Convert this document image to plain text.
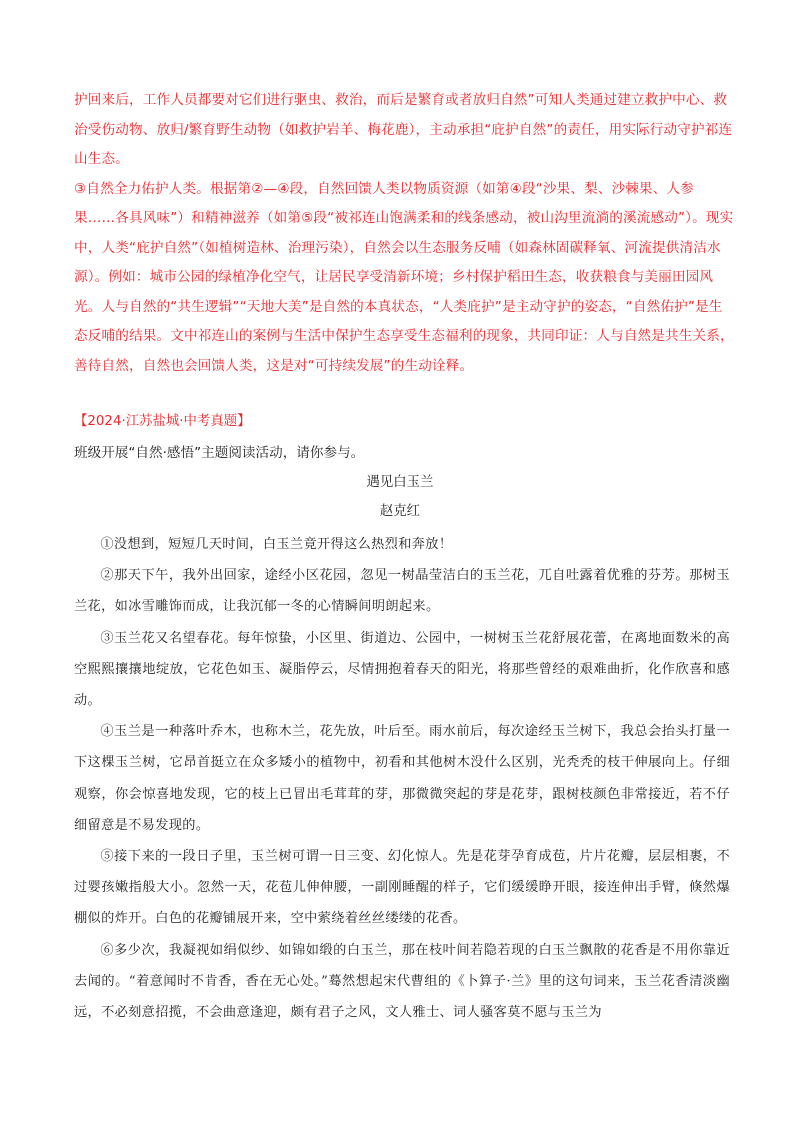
护回来后，工作人员都要对它们进行驱虫、救治，而后是繁育或者放归自然”可知人类通过建立救护中心、救治受伤动物、放归/繁育野生动物（如救护岩羊、梅花鹿），主动承担“庇护自然”的责任，用实际行动守护祁连山生态。

③自然全力佑护人类。根据第②—④段，自然回馈人类以物质资源（如第④段“沙果、梨、沙棘果、人参果……各具风味”）和精神滋养（如第⑤段“被祁连山饱满柔和的线条感动，被山沟里流淌的溪流感动”）。现实中，人类“庇护自然”（如植树造林、治理污染），自然会以生态服务反哺（如森林固碳释氧、河流提供清洁水源）。例如：城市公园的绿植净化空气，让居民享受清新环境；乡村保护稻田生态，收获粮食与美丽田园风光。人与自然的“共生逻辑”“天地大美”是自然的本真状态，“人类庇护”是主动守护的姿态，“自然佑护”是生态反哺的结果。文中祁连山的案例与生活中保护生态享受生态福利的现象，共同印证：人与自然是共生关系，善待自然，自然也会回馈人类，这是对“可持续发展”的生动诠释。

【2024·江苏盐城·中考真题】
班级开展“自然·感悟”主题阅读活动，请你参与。
遇见白玉兰
赵克红

①没想到，短短几天时间，白玉兰竟开得这么热烈和奔放！

②那天下午，我外出回家，途经小区花园，忽见一树晶莹洁白的玉兰花，兀自吐露着优雅的芬芳。那树玉兰花，如冰雪雕饰而成，让我沉郁一冬的心情瞬间明朗起来。

③玉兰花又名望春花。每年惊蛰，小区里、街道边、公园中，一树树玉兰花舒展花蕾，在离地面数米的高空熙熙攘攘地绽放，它花色如玉、凝脂停云，尽情拥抱着春天的阳光，将那些曾经的艰难曲折，化作欣喜和感动。

④玉兰是一种落叶乔木，也称木兰，花先放，叶后至。雨水前后，每次途经玉兰树下，我总会抬头打量一下这棵玉兰树，它昂首挺立在众多矮小的植物中，初看和其他树木没什么区别，光秃秃的枝干伸展向上。仔细观察，你会惊喜地发现，它的枝上已冒出毛茸茸的芽，那微微突起的芽是花芽，跟树枝颜色非常接近，若不仔细留意是不易发现的。

⑤接下来的一段日子里，玉兰树可谓一日三变、幻化惊人。先是花芽孕育成苞，片片花瓣，层层相裹，不过婴孩嫩指般大小。忽然一天，花苞儿伸伸腰，一副刚睡醒的样子，它们缓缓睁开眼，接连伸出手臂，倏然爆棚似的炸开。白色的花瓣铺展开来，空中萦绕着丝丝缕缕的花香。

⑥多少次，我凝视如绢似纱、如锦如缎的白玉兰，那在枝叶间若隐若现的白玉兰飘散的花香是不用你靠近去闻的。“着意闻时不肯香，香在无心处。”蓦然想起宋代曹组的《卜算子·兰》里的这句词来，玉兰花香清淡幽远，不必刻意招揽，不会曲意逢迎，颇有君子之风，文人雅士、词人骚客莫不愿与玉兰为
